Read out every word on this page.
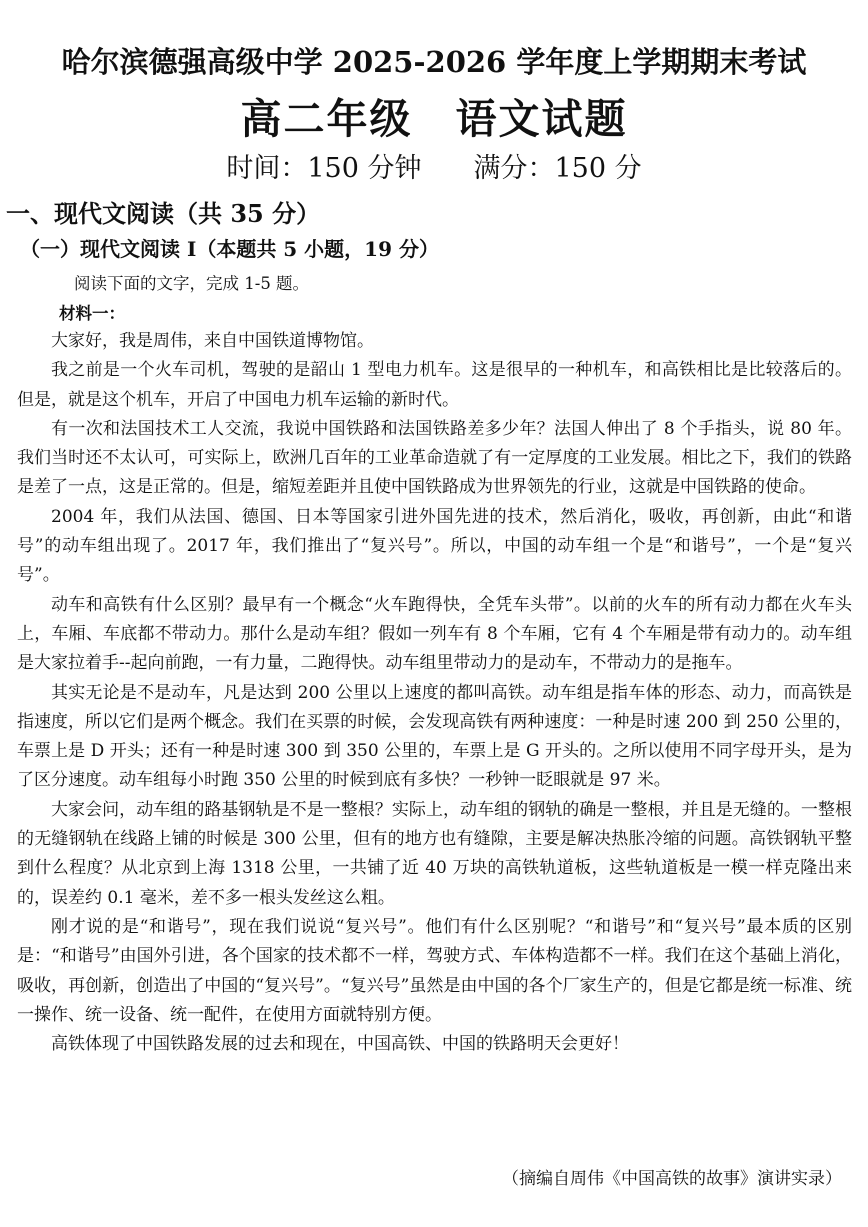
哈尔滨德强高级中学 2025-2026 学年度上学期期末考试
高二年级　语文试题
时间：150 分钟 满分：150 分
一、现代文阅读（共 35 分）
（一）现代文阅读 I（本题共 5 小题，19 分）
阅读下面的文字，完成 1-5 题。
材料一：

大家好，我是周伟，来自中国铁道博物馆。

我之前是一个火车司机，驾驶的是韶山 1 型电力机车。这是很早的一种机车，和高铁相比是比较落后的。但是，就是这个机车，开启了中国电力机车运输的新时代。

有一次和法国技术工人交流，我说中国铁路和法国铁路差多少年？法国人伸出了 8 个手指头，说 80 年。我们当时还不太认可，可实际上，欧洲几百年的工业革命造就了有一定厚度的工业发展。相比之下，我们的铁路是差了一点，这是正常的。但是，缩短差距并且使中国铁路成为世界领先的行业，这就是中国铁路的使命。

2004 年，我们从法国、德国、日本等国家引进外国先进的技术，然后消化，吸收，再创新，由此“和谐号”的动车组出现了。2017 年，我们推出了“复兴号”。所以，中国的动车组一个是“和谐号”，一个是“复兴号”。

动车和高铁有什么区别？最早有一个概念“火车跑得快，全凭车头带”。以前的火车的所有动力都在火车头上，车厢、车底都不带动力。那什么是动车组？假如一列车有 8 个车厢，它有 4 个车厢是带有动力的。动车组是大家拉着手--起向前跑，一有力量，二跑得快。动车组里带动力的是动车，不带动力的是拖车。

其实无论是不是动车，凡是达到 200 公里以上速度的都叫高铁。动车组是指车体的形态、动力，而高铁是指速度，所以它们是两个概念。我们在买票的时候，会发现高铁有两种速度：一种是时速 200 到 250 公里的，车票上是 D 开头；还有一种是时速 300 到 350 公里的，车票上是 G 开头的。之所以使用不同字母开头，是为了区分速度。动车组每小时跑 350 公里的时候到底有多快？一秒钟一眨眼就是 97 米。

大家会问，动车组的路基钢轨是不是一整根？实际上，动车组的钢轨的确是一整根，并且是无缝的。一整根的无缝钢轨在线路上铺的时候是 300 公里，但有的地方也有缝隙，主要是解决热胀冷缩的问题。高铁钢轨平整到什么程度？从北京到上海 1318 公里，一共铺了近 40 万块的高铁轨道板，这些轨道板是一模一样克隆出来的，误差约 0.1 毫米，差不多一根头发丝这么粗。

刚才说的是“和谐号”，现在我们说说“复兴号”。他们有什么区别呢？“和谐号”和“复兴号”最本质的区别是：“和谐号”由国外引进，各个国家的技术都不一样，驾驶方式、车体构造都不一样。我们在这个基础上消化，吸收，再创新，创造出了中国的“复兴号”。“复兴号”虽然是由中国的各个厂家生产的，但是它都是统一标准、统一操作、统一设备、统一配件，在使用方面就特别方便。

高铁体现了中国铁路发展的过去和现在，中国高铁、中国的铁路明天会更好！

（摘编自周伟《中国高铁的故事》演讲实录）
